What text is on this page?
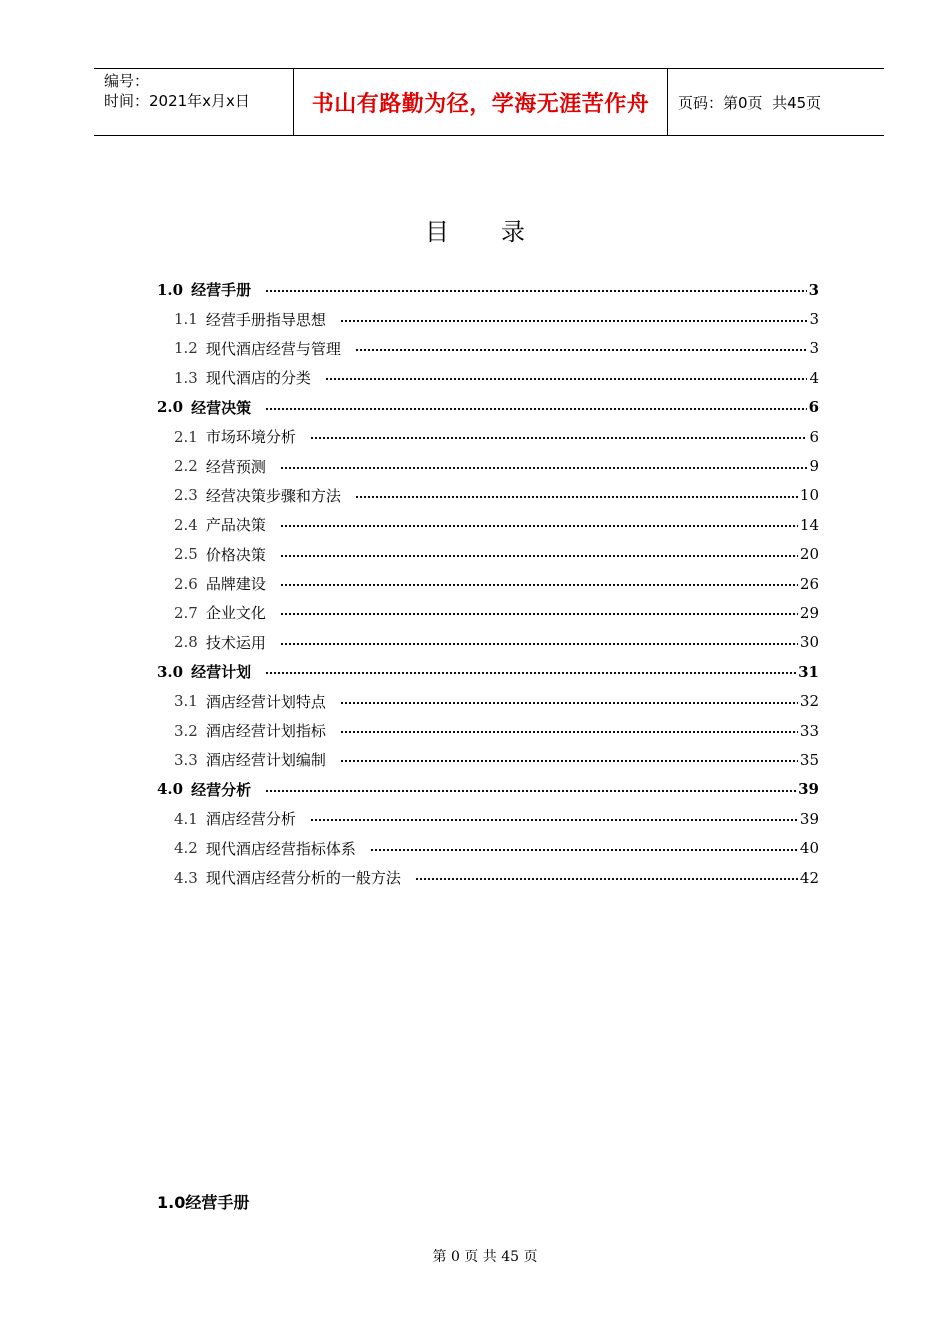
编号：
时间：2021年x月x日	书山有路勤为径，学海无涯苦作舟	页码：第0页  共45页
目录
1.0 经营手册	3
1.1 经营手册指导思想	3
1.2 现代酒店经营与管理	3
1.3 现代酒店的分类	4
2.0 经营决策	6
2.1 市场环境分析	6
2.2 经营预测	9
2.3 经营决策步骤和方法	10
2.4 产品决策	14
2.5 价格决策	20
2.6 品牌建设	26
2.7 企业文化	29
2.8 技术运用	30
3.0 经营计划	31
3.1 酒店经营计划特点	32
3.2 酒店经营计划指标	33
3.3 酒店经营计划编制	35
4.0 经营分析	39
4.1 酒店经营分析	39
4.2 现代酒店经营指标体系	40
4.3 现代酒店经营分析的一般方法	42
1.0经营手册
第 0 页 共 45 页
